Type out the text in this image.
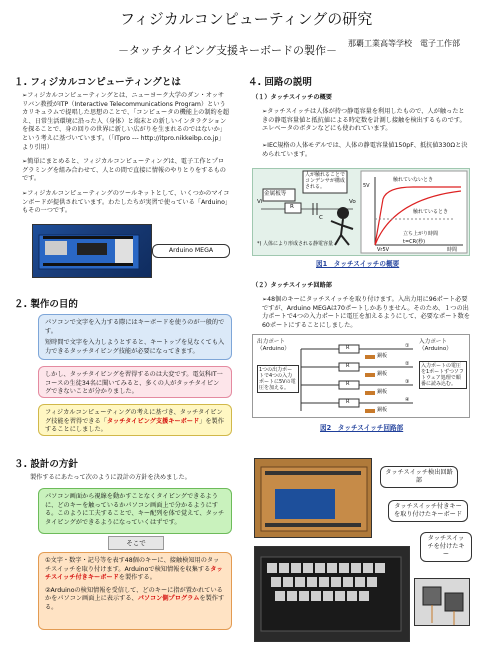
フィジカルコンピューティングの研究
－タッチタイピング支援キーボードの製作－
那覇工業高等学校　電子工作部
１. フィジカルコンピューティングとは
➢フィジカルコンピューティングとは、ニューヨーク大学のダン・オッサリバン教授がITP（Interactive Telecommunications Program）というカリキュラムで提唱した思想のことで、「コンピュータの機能上の制約を超え、日常生活環境に沿った人（身体）と端末との新しいインタラクションを探ることで、身の回りの世界に新しい広がりを生まれるのではないか」という考えに基づいています。（「ITpro --- http://itpro.nikkeibp.co.jp」より引用）
➢簡単にまとめると、フィジカルコンピューティングは、電子工作とプログラミングを組み合わせて、人との間で直接に情報のやりとりをするものです。
➢フィジカルコンピューティングのツールキットとして、いくつかのマイコンボードが提供されています。わたしたちが実習で使っている「Arduino」もその一つです。
Arduino MEGA
２. 製作の目的
パソコンで文字を入力する際にはキーボードを使うのが一般的です。
短時間で文字を入力しようとすると、キートップを見なくても入力できるタッチタイピング技能が必要になってきます。
しかし、タッチタイピングを習得するのは大変です。電気科IT一コースの生徒34名に聞いてみると、多くの人がタッチタイピングできないことが分かりました。
フィジカルコンピューティングの考えに基づき、タッチタイピング技能を習得できる「タッチタイピング支援キーボード」を製作することにしました。
３. 設計の方針
製作するにあたって次のように設計の方針を決めました。
パソコン画面から視線を動かすことなくタイピングできるように、どのキーを触っているかパソコン画面上で分かるようにする。このように工夫することで、キー配列を体で覚えて、タッチタイピングができるようになっていくはずです。
そこで
①文字・数字・記号等を表す48個のキーに、接触検知用のタッチスイッチを取り付けます。Arduinoで検知情報を収集するタッチスイッチ付きキーボードを製作する。
②Arduinoの検知情報を受信して、どのキーに指が置かれているかをパソコン画面上に表示する、パソコン側プログラムを製作する。
４. 回路の説明
（１）タッチスイッチの概要
➢タッチスイッチは人体が持つ静電容量を利用したもので、人が触ったときの静電容量値と抵抗値による時定数を計測し接触を検出するものです。エレベータのボタンなどにも使われています。
➢IEC規格の人体モデルでは、人体の静電容量値150pF、抵抗値330Ωと決められています。
金属板等
人が触れることでコンデンサが構成される。
R
C
Vi	Vo
*) 人体により形成される静電容量
触れていないとき
触れているとき
立ち上がり時間
t=CR(秒)
5V
Vr5V	時間
図1　タッチスイッチの概要
（２）タッチスイッチ回路部
➢48個のキーにタッチスイッチを取り付けます。入出力用に96ポート必要ですが、Arduino MEGAは70ポートしかありません。そのため、１つの出力ポートで4つの入力ポートに電圧を加えるようにして、必要なポート数を60ポートにすることにしました。
出力ポート（Arduino）
1つの出力ポートで4つの入力ポートに5Vの電圧を加える。
入力ポート（Arduino）
入力ポートの電圧を1ポートずつソフトウェア処理で順番に読み込む。
R
R
R
R
銅板
銅板
銅板
銅板
①
②
③
④
図2　タッチスイッチ回路部
タッチスイッチ検出回路部
タッチスイッチ付きキーを取り付けたキーボード
タッチスイッチを付けたキー
